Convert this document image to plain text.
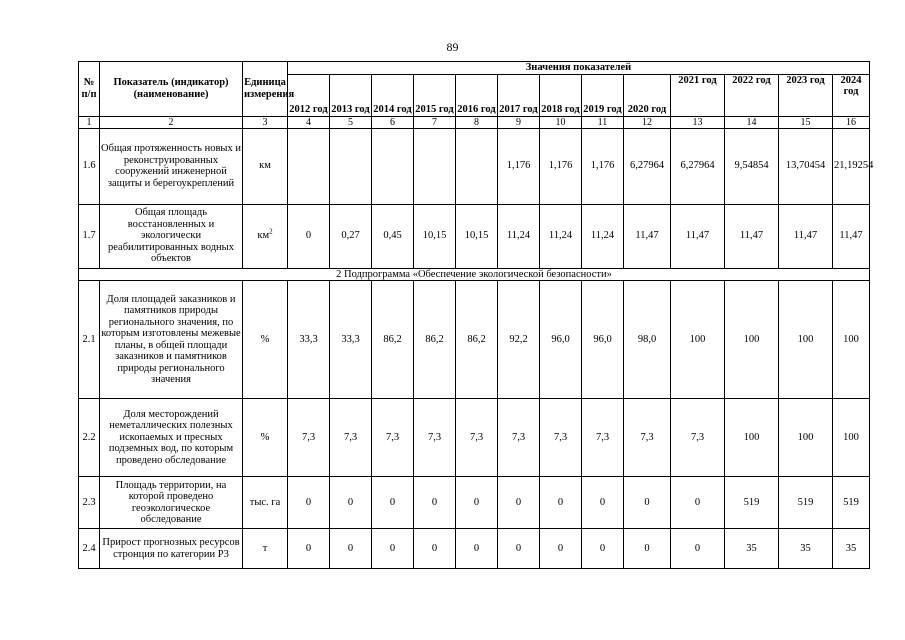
89
№ п/п	Показатель (индикатор) (наименование)	Единица измерения	Значения показателей												
			2012 год	2013 год	2014 год	2015 год	2016 год	2017 год	2018 год	2019 год	2020 год	2021 год	2022 год	2023 год	2024 год
1	2	3	4	5	6	7	8	9	10	11	12	13	14	15	16
1.6	Общая протяженность новых и реконструированных сооружений инженерной защиты и берегоукреплений	км						1,176	1,176	1,176	6,27964	6,27964	9,54854	13,70454	21,19254
1.7	Общая площадь восстановленных и экологически реабилитированных водных объектов	$км^2$	0	0,27	0,45	10,15	10,15	11,24	11,24	11,24	11,47	11,47	11,47	11,47	11,47
2 Подпрограмма «Обеспечение экологической безопасности»															
2.1	Доля площадей заказников и памятников природы регионального значения, по которым изготовлены межевые планы, в общей площади заказников и памятников природы регионального значения	%	33,3	33,3	86,2	86,2	86,2	92,2	96,0	96,0	98,0	100	100	100	100
2.2	Доля месторождений неметаллических полезных ископаемых и пресных подземных вод, по которым проведено обследование	%	7,3	7,3	7,3	7,3	7,3	7,3	7,3	7,3	7,3	7,3	100	100	100
2.3	Площадь территории, на которой проведено геоэкологическое обследование	тыс. га	0	0	0	0	0	0	0	0	0	0	519	519	519
2.4	Прирост прогнозных ресурсов стронция по категории Р3	т	0	0	0	0	0	0	0	0	0	0	35	35	35
